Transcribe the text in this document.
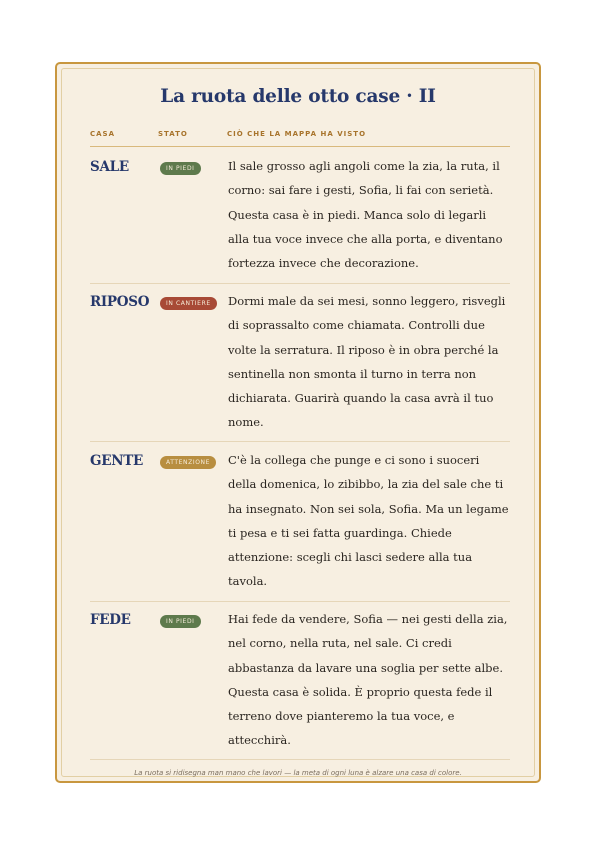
La ruota delle otto case · II
CASA	STATO	CIÒ CHE LA MAPPA HA VISTO
SALE	IN PIEDI	Il sale grosso agli angoli come la zia, la ruta, il corno: sai fare i gesti, Sofia, li fai con serietà. Questa casa è in piedi. Manca solo di legarli alla tua voce invece che alla porta, e diventano fortezza invece che decorazione.
RIPOSO	IN CANTIERE	Dormi male da sei mesi, sonno leggero, risvegli di soprassalto come chiamata. Controlli due volte la serratura. Il riposo è in obra perché la sentinella non smonta il turno in terra non dichiarata. Guarirà quando la casa avrà il tuo nome.
GENTE	ATTENZIONE	C'è la collega che punge e ci sono i suoceri della domenica, lo zibibbo, la zia del sale che ti ha insegnato. Non sei sola, Sofia. Ma un legame ti pesa e ti sei fatta guardinga. Chiede attenzione: scegli chi lasci sedere alla tua tavola.
FEDE	IN PIEDI	Hai fede da vendere, Sofia — nei gesti della zia, nel corno, nella ruta, nel sale. Ci credi abbastanza da lavare una soglia per sette albe. Questa casa è solida. È proprio questa fede il terreno dove pianteremo la tua voce, e attecchirà.
La ruota si ridisegna man mano che lavori — la meta di ogni luna è alzare una casa di colore.
